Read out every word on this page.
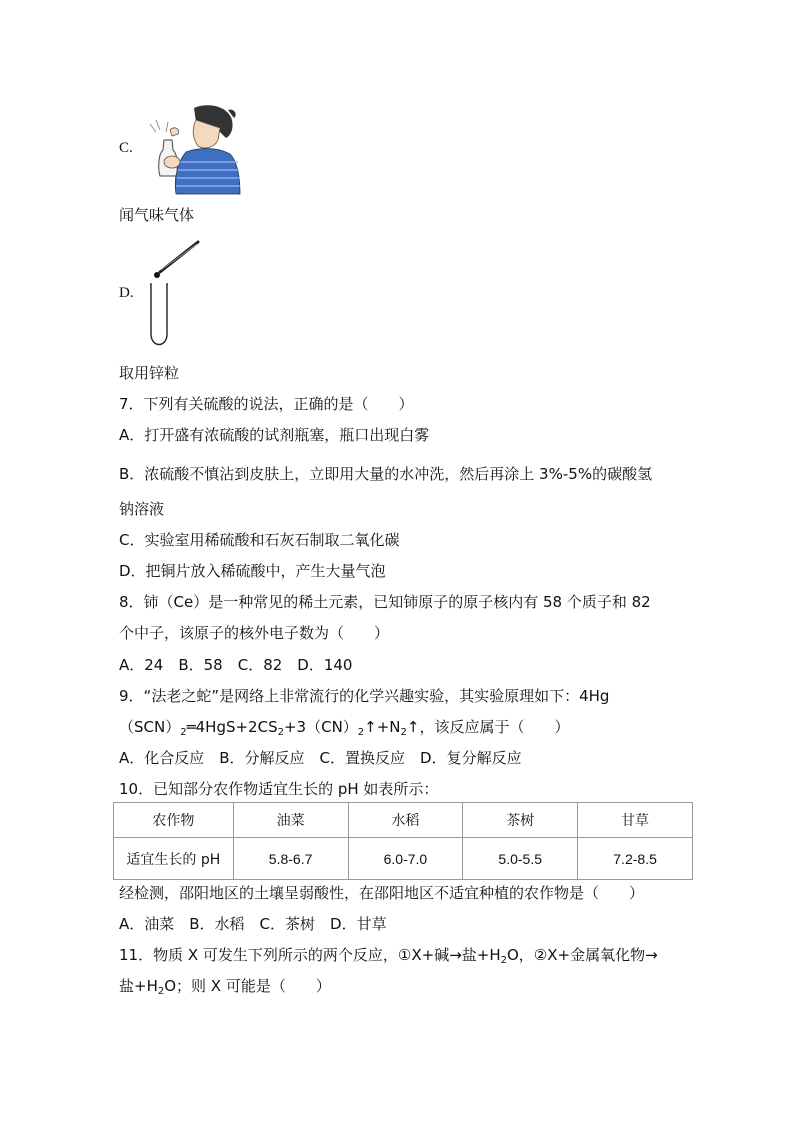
C.
闻气味气体
D.
取用锌粒
7．下列有关硫酸的说法，正确的是（　　）
A．打开盛有浓硫酸的试剂瓶塞，瓶口出现白雾
B．浓硫酸不慎沾到皮肤上，立即用大量的水冲洗，然后再涂上 3%-5%的碳酸氢
钠溶液
C．实验室用稀硫酸和石灰石制取二氧化碳
D．把铜片放入稀硫酸中，产生大量气泡
8．铈（Ce）是一种常见的稀土元素，已知铈原子的原子核内有 58 个质子和 82
个中子，该原子的核外电子数为（　　）
A．24　B．58　C．82　D．140
9．“法老之蛇”是网络上非常流行的化学兴趣实验，其实验原理如下：4Hg
$(SCN)_2═4HgS+2CS_2+3(CN)_2↑+N_2↑$，该反应属于（　　）
A．化合反应　B．分解反应　C．置换反应　D．复分解反应
10．已知部分农作物适宜生长的 pH 如表所示：
农作物	油菜	水稻	茶树	甘草
适宜生长的 pH	5.8-6.7	6.0-7.0	5.0-5.5	7.2-8.5
经检测，邵阳地区的土壤呈弱酸性，在邵阳地区不适宜种植的农作物是（　　）
A．油菜　B．水稻　C．茶树　D．甘草
11．物质 X 可发生下列所示的两个反应，①X+碱→盐$+H_2O$，②X+金属氧化物→
盐$+H_2O$；则 X 可能是（　　）
